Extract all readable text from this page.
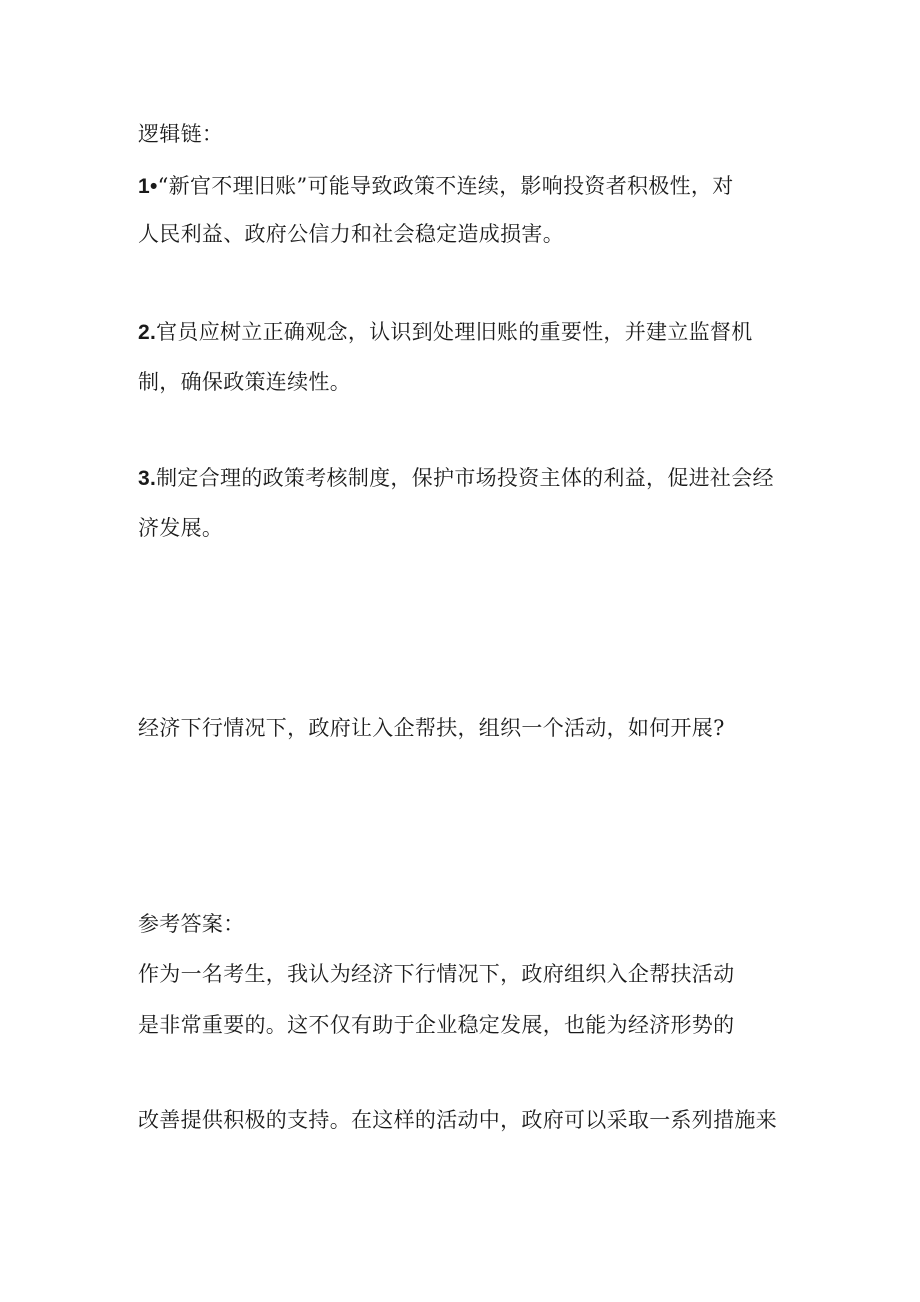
逻辑链：
1•“新官不理旧账”可能导致政策不连续，影响投资者积极性，对
人民利益、政府公信力和社会稳定造成损害。
2.官员应树立正确观念，认识到处理旧账的重要性，并建立监督机
制，确保政策连续性。
3.制定合理的政策考核制度，保护市场投资主体的利益，促进社会经
济发展。
经济下行情况下，政府让入企帮扶，组织一个活动，如何开展?
参考答案：
作为一名考生，我认为经济下行情况下，政府组织入企帮扶活动
是非常重要的。这不仅有助于企业稳定发展，也能为经济形势的
改善提供积极的支持。在这样的活动中，政府可以采取一系列措施来
